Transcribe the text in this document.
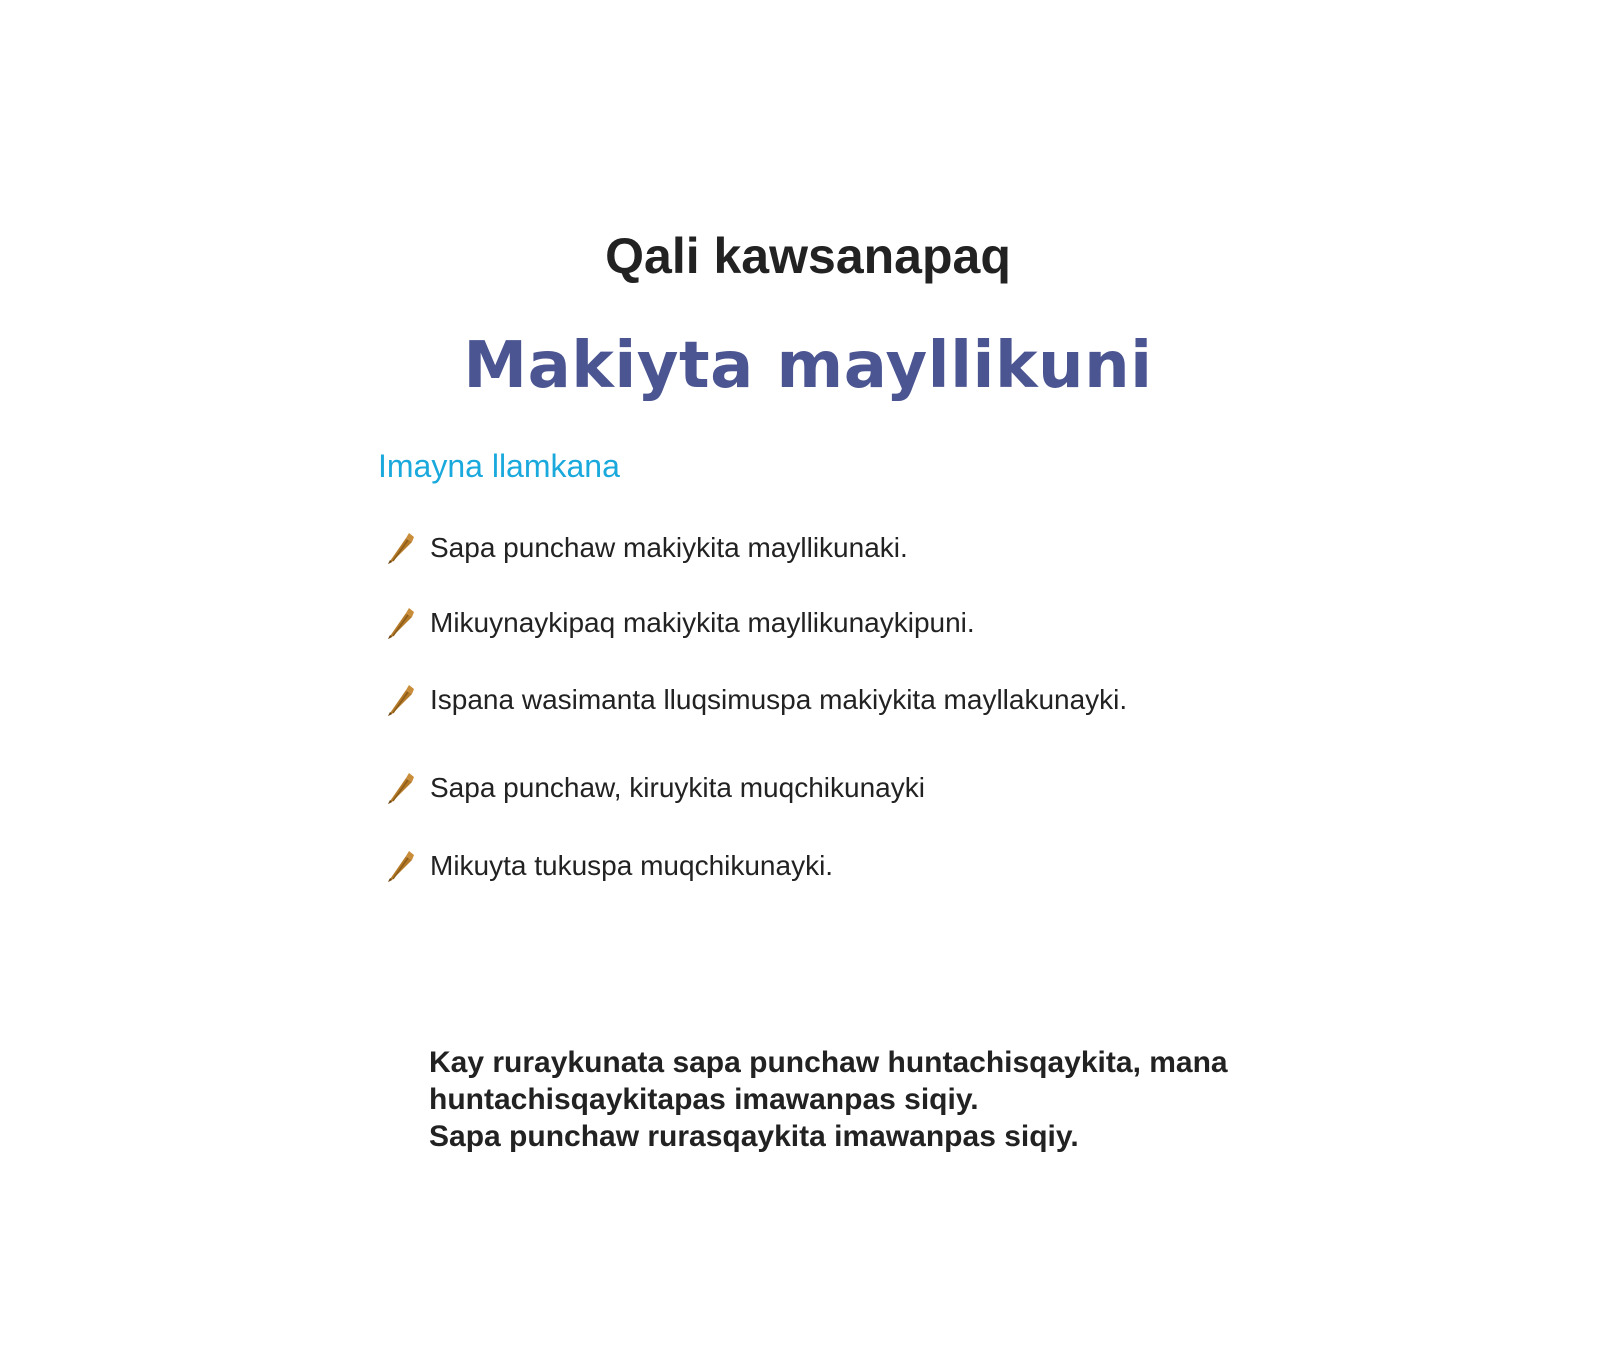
Qali kawsanapaq
Makiyta mayllikuni

Imayna llamkana

Sapa punchaw makiykita mayllikunaki.
Mikuynaykipaq makiykita mayllikunaykipuni.
Ispana wasimanta lluqsimuspa makiykita mayllakunayki.
Sapa punchaw, kiruykita muqchikunayki
Mikuyta tukuspa muqchikunayki.

Kay ruraykunata sapa punchaw huntachisqaykita, mana
huntachisqaykitapas imawanpas siqiy.
Sapa punchaw rurasqaykita imawanpas siqiy.
